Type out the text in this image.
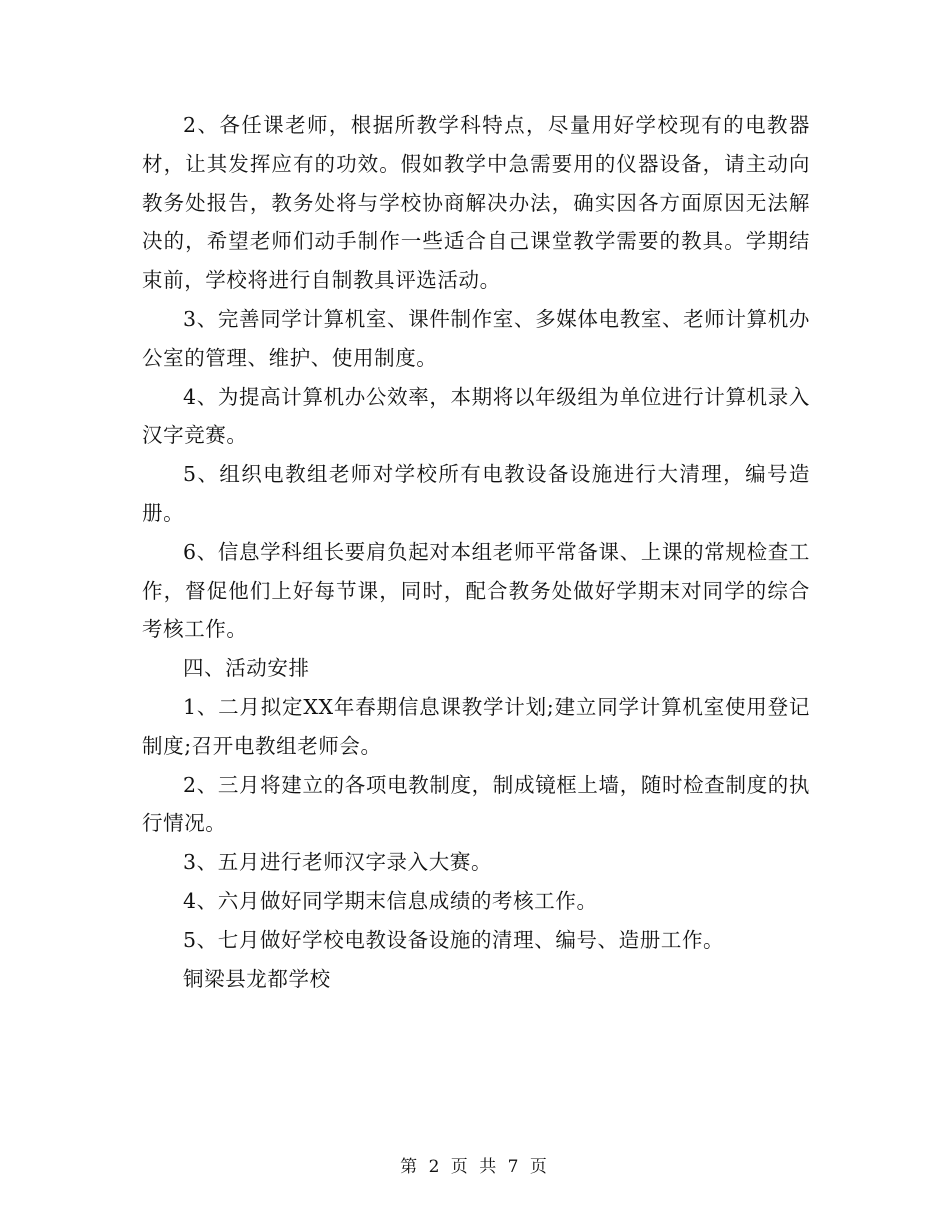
2、各任课老师，根据所教学科特点，尽量用好学校现有的电教器材，让其发挥应有的功效。假如教学中急需要用的仪器设备，请主动向教务处报告，教务处将与学校协商解决办法，确实因各方面原因无法解决的，希望老师们动手制作一些适合自己课堂教学需要的教具。学期结束前，学校将进行自制教具评选活动。

3、完善同学计算机室、课件制作室、多媒体电教室、老师计算机办公室的管理、维护、使用制度。

4、为提高计算机办公效率，本期将以年级组为单位进行计算机录入汉字竞赛。

5、组织电教组老师对学校所有电教设备设施进行大清理，编号造册。

6、信息学科组长要肩负起对本组老师平常备课、上课的常规检查工作，督促他们上好每节课，同时，配合教务处做好学期末对同学的综合考核工作。

四、活动安排

1、二月拟定XX年春期信息课教学计划;建立同学计算机室使用登记制度;召开电教组老师会。

2、三月将建立的各项电教制度，制成镜框上墙，随时检查制度的执行情况。

3、五月进行老师汉字录入大赛。

4、六月做好同学期末信息成绩的考核工作。

5、七月做好学校电教设备设施的清理、编号、造册工作。

铜梁县龙都学校

第 2 页 共 7 页
